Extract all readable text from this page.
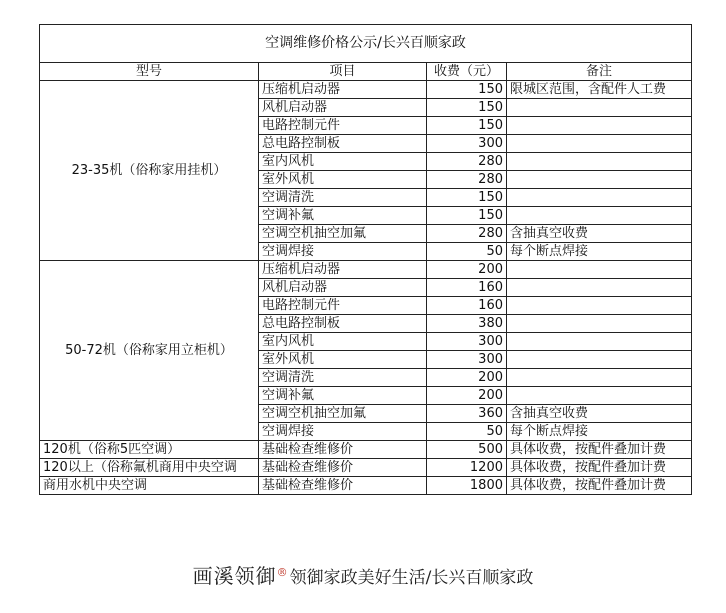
空调维修价格公示/长兴百顺家政			
型号	项目	收费（元）	备注
23-35机（俗称家用挂机）	压缩机启动器	150	限城区范围，含配件人工费
	风机启动器	150	
	电路控制元件	150	
	总电路控制板	300	
	室内风机	280	
	室外风机	280	
	空调清洗	150	
	空调补氟	150	
	空调空机抽空加氟	280	含抽真空收费
	空调焊接	50	每个断点焊接
50-72机（俗称家用立柜机）	压缩机启动器	200	
	风机启动器	160	
	电路控制元件	160	
	总电路控制板	380	
	室内风机	300	
	室外风机	300	
	空调清洗	200	
	空调补氟	200	
	空调空机抽空加氟	360	含抽真空收费
	空调焊接	50	每个断点焊接
120机（俗称5匹空调）	基础检查维修价	500	具体收费，按配件叠加计费
120以上（俗称氟机商用中央空调	基础检查维修价	1200	具体收费，按配件叠加计费
商用水机中央空调	基础检查维修价	1800	具体收费，按配件叠加计费
画溪领御® 领御家政美好生活/长兴百顺家政
